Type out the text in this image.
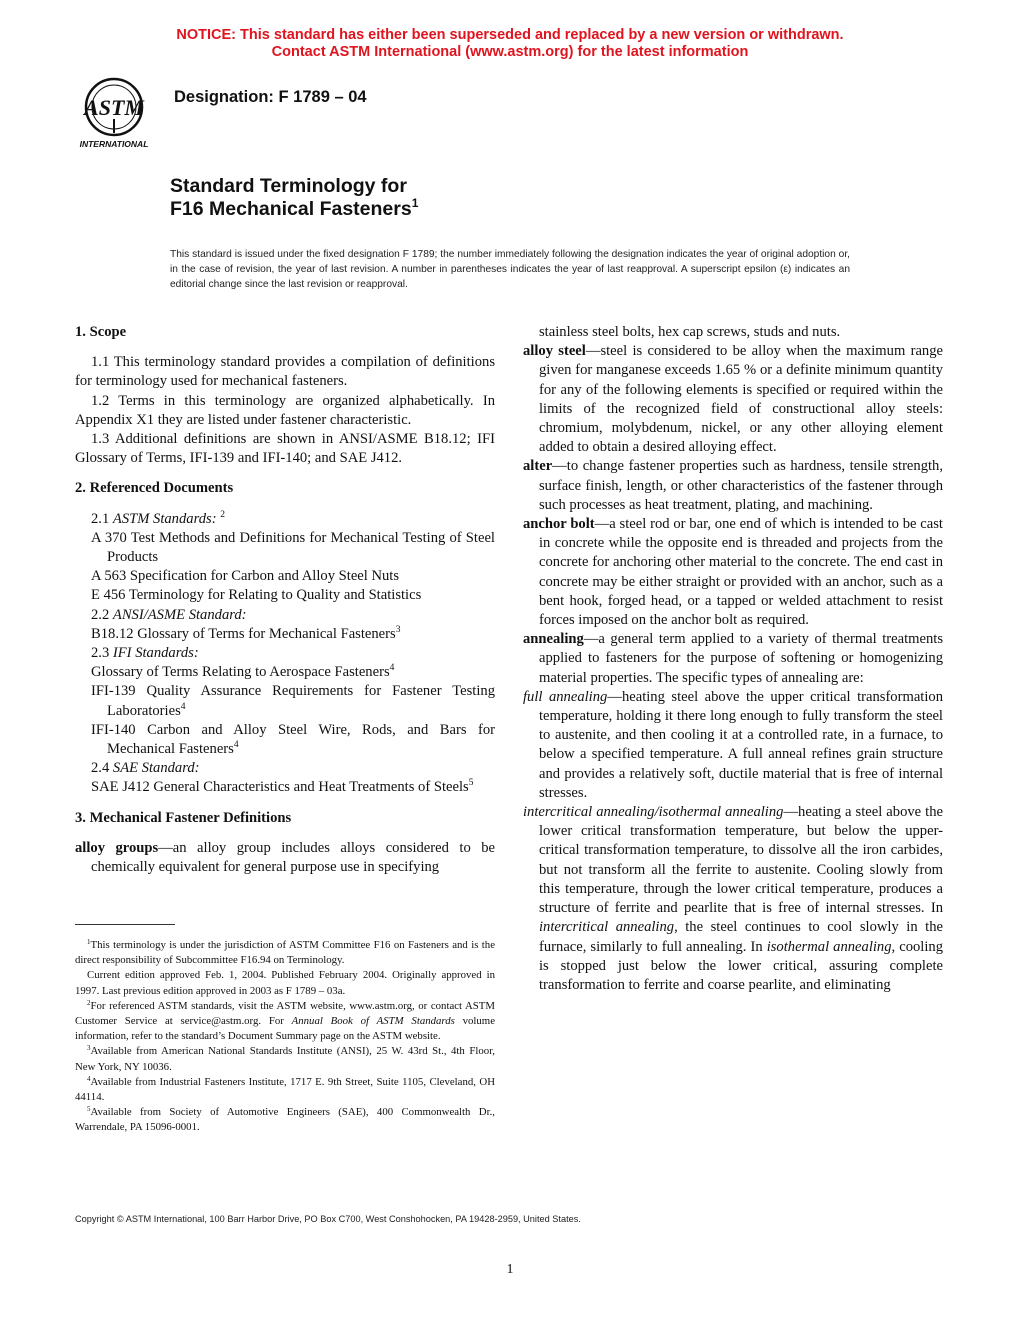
NOTICE: This standard has either been superseded and replaced by a new version or withdrawn.
Contact ASTM International (www.astm.org) for the latest information
ASTM
INTERNATIONAL
Designation: F 1789 – 04
Standard Terminology for
F16 Mechanical Fasteners$^1$
This standard is issued under the fixed designation F 1789; the number immediately following the designation indicates the year of original adoption or, in the case of revision, the year of last revision. A number in parentheses indicates the year of last reapproval. A superscript epsilon (ε) indicates an editorial change since the last revision or reapproval.

1. Scope

1.1 This terminology standard provides a compilation of definitions for terminology used for mechanical fasteners.

1.2 Terms in this terminology are organized alphabetically. In Appendix X1 they are listed under fastener characteristic.

1.3 Additional definitions are shown in ANSI/ASME B18.12; IFI Glossary of Terms, IFI-139 and IFI-140; and SAE J412.

2. Referenced Documents

2.1 ASTM Standards: $^2$

A 370 Test Methods and Definitions for Mechanical Testing of Steel Products

A 563 Specification for Carbon and Alloy Steel Nuts

E 456 Terminology for Relating to Quality and Statistics

2.2 ANSI/ASME Standard:

B18.12 Glossary of Terms for Mechanical Fasteners$^3$

2.3 IFI Standards:

Glossary of Terms Relating to Aerospace Fasteners$^4$

IFI-139 Quality Assurance Requirements for Fastener Testing Laboratories$^4$

IFI-140 Carbon and Alloy Steel Wire, Rods, and Bars for Mechanical Fasteners$^4$

2.4 SAE Standard:

SAE J412 General Characteristics and Heat Treatments of Steels$^5$

3. Mechanical Fastener Definitions

alloy groups—an alloy group includes alloys considered to be chemically equivalent for general purpose use in specifying

stainless steel bolts, hex cap screws, studs and nuts.

alloy steel—steel is considered to be alloy when the maximum range given for manganese exceeds 1.65 % or a definite minimum quantity for any of the following elements is specified or required within the limits of the recognized field of constructional alloy steels: chromium, molybdenum, nickel, or any other alloying element added to obtain a desired alloying effect.

alter—to change fastener properties such as hardness, tensile strength, surface finish, length, or other characteristics of the fastener through such processes as heat treatment, plating, and machining.

anchor bolt—a steel rod or bar, one end of which is intended to be cast in concrete while the opposite end is threaded and projects from the concrete for anchoring other material to the concrete. The end cast in concrete may be either straight or provided with an anchor, such as a bent hook, forged head, or a tapped or welded attachment to resist forces imposed on the anchor bolt as required.

annealing—a general term applied to a variety of thermal treatments applied to fasteners for the purpose of softening or homogenizing material properties. The specific types of annealing are:

full annealing—heating steel above the upper critical transformation temperature, holding it there long enough to fully transform the steel to austenite, and then cooling it at a controlled rate, in a furnace, to below a specified temperature. A full anneal refines grain structure and provides a relatively soft, ductile material that is free of internal stresses.

intercritical annealing/isothermal annealing—heating a steel above the lower critical transformation temperature, but below the upper-critical transformation temperature, to dissolve all the iron carbides, but not transform all the ferrite to austenite. Cooling slowly from this temperature, through the lower critical temperature, produces a structure of ferrite and pearlite that is free of internal stresses. In intercritical annealing, the steel continues to cool slowly in the furnace, similarly to full annealing. In isothermal annealing, cooling is stopped just below the lower critical, assuring complete transformation to ferrite and coarse pearlite, and eliminating

$^1$This terminology is under the jurisdiction of ASTM Committee F16 on Fasteners and is the direct responsibility of Subcommittee F16.94 on Terminology.

Current edition approved Feb. 1, 2004. Published February 2004. Originally approved in 1997. Last previous edition approved in 2003 as F 1789 – 03a.

$^2$For referenced ASTM standards, visit the ASTM website, www.astm.org, or contact ASTM Customer Service at service@astm.org. For Annual Book of ASTM Standards volume information, refer to the standard’s Document Summary page on the ASTM website.

$^3$Available from American National Standards Institute (ANSI), 25 W. 43rd St., 4th Floor, New York, NY 10036.

$^4$Available from Industrial Fasteners Institute, 1717 E. 9th Street, Suite 1105, Cleveland, OH 44114.

$^5$Available from Society of Automotive Engineers (SAE), 400 Commonwealth Dr., Warrendale, PA 15096-0001.

Copyright © ASTM International, 100 Barr Harbor Drive, PO Box C700, West Conshohocken, PA 19428-2959, United States.
1
